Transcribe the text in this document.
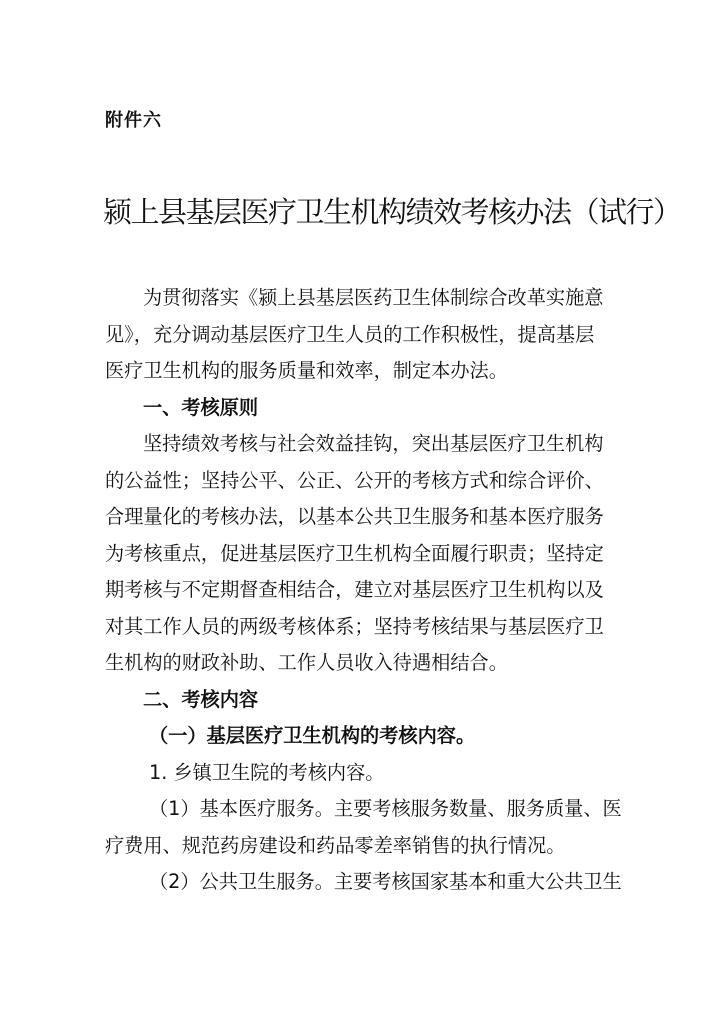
附件六
颍上县基层医疗卫生机构绩效考核办法（试行）
为贯彻落实《颍上县基层医药卫生体制综合改革实施意
见》，充分调动基层医疗卫生人员的工作积极性，提高基层
医疗卫生机构的服务质量和效率，制定本办法。
一、考核原则
坚持绩效考核与社会效益挂钩，突出基层医疗卫生机构
的公益性；坚持公平、公正、公开的考核方式和综合评价、
合理量化的考核办法，以基本公共卫生服务和基本医疗服务
为考核重点，促进基层医疗卫生机构全面履行职责；坚持定
期考核与不定期督查相结合，建立对基层医疗卫生机构以及
对其工作人员的两级考核体系；坚持考核结果与基层医疗卫
生机构的财政补助、工作人员收入待遇相结合。
二、考核内容
（一）基层医疗卫生机构的考核内容。
1. 乡镇卫生院的考核内容。
（1）基本医疗服务。主要考核服务数量、服务质量、医
疗费用、规范药房建设和药品零差率销售的执行情况。
（2）公共卫生服务。主要考核国家基本和重大公共卫生
